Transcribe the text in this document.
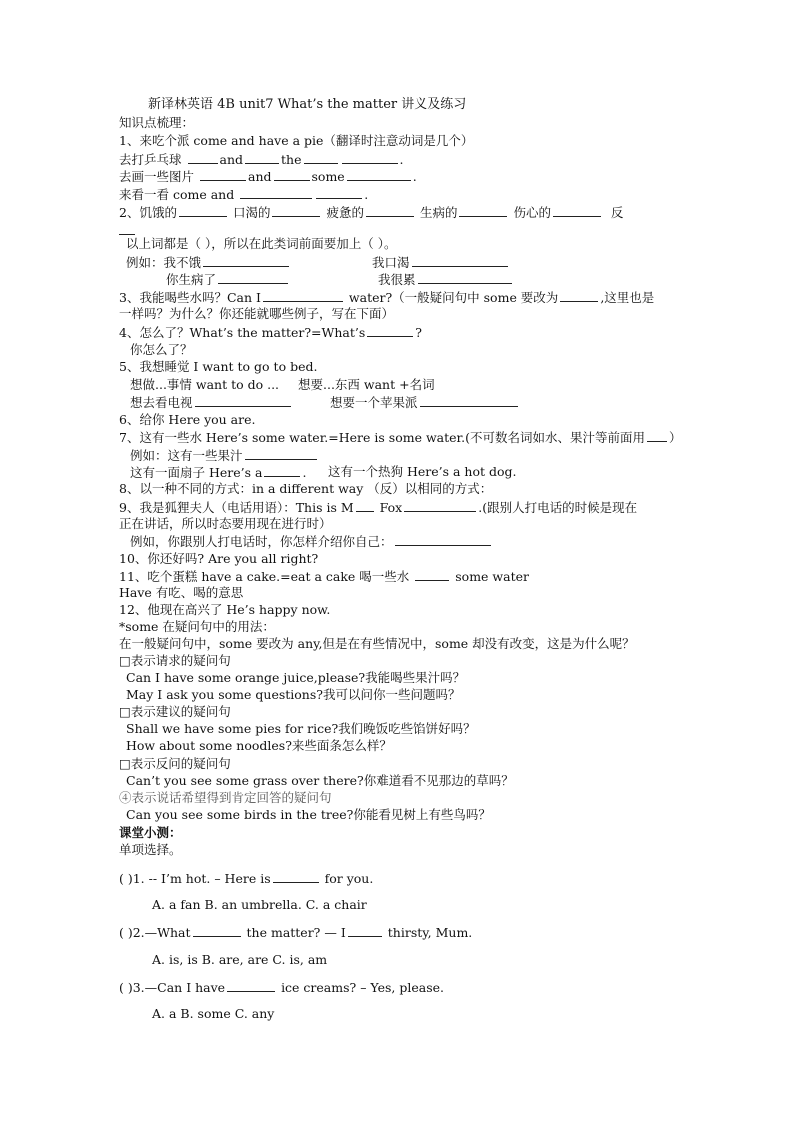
新译林英语 4B unit7 What’s the matter 讲义及练习
知识点梳理：
1、来吃个派 come and have a pie（翻译时注意动词是几个）
去打乒乓球	and	the	.
去画一些图片	and	some	.
来看一看 come and	.
2、饥饿的	口渴的	疲惫的	生病的	伤心的	反
以上词都是（ ），所以在此类词前面要加上（ ）。
例如：我不饿	我口渴
你生病了	我很累
3、我能喝些水吗？Can I	water?（一般疑问句中 some 要改为	,这里也是
一样吗？为什么？你还能就哪些例子，写在下面）
4、怎么了？What’s the matter?=What’s	?
你怎么了？
5、我想睡觉 I want to go to bed.
想做...事情 want to do ... 想要...东西 want +名词
想去看电视	想要一个苹果派
6、给你 Here you are.
7、这有一些水 Here’s some water.=Here is some water.(不可数名词如水、果汁等前面用 ）
例如：这有一些果汁
这有一面扇子 Here’s a	. 这有一个热狗 Here’s a hot dog.
8、以一种不同的方式：in a different way （反）以相同的方式：
9、我是狐狸夫人（电话用语）：This is M Fox	.(跟别人打电话的时候是现在
正在讲话，所以时态要用现在进行时）
例如，你跟别人打电话时，你怎样介绍你自己：
10、你还好吗? Are you all right?
11、吃个蛋糕 have a cake.=eat a cake 喝一些水	some water
Have 有吃、喝的意思
12、他现在高兴了 He’s happy now.
*some 在疑问句中的用法：
在一般疑问句中，some 要改为 any,但是在有些情况中，some 却没有改变，这是为什么呢？
□表示请求的疑问句
Can I have some orange juice,please?我能喝些果汁吗？
May I ask you some questions?我可以问你一些问题吗？
□表示建议的疑问句
Shall we have some pies for rice?我们晚饭吃些馅饼好吗？
How about some noodles?来些面条怎么样？
□表示反问的疑问句
Can’t you see some grass over there?你难道看不见那边的草吗？
④表示说话希望得到肯定回答的疑问句
Can you see some birds in the tree?你能看见树上有些鸟吗？
课堂小测：
单项选择。
( )1. -- I’m hot. – Here is	for you.
A. a fan B. an umbrella. C. a chair
( )2.—What	the matter? — I	thirsty, Mum.
A. is, is B. are, are C. is, am
( )3.—Can I have	ice creams? – Yes, please.
A. a B. some C. any
